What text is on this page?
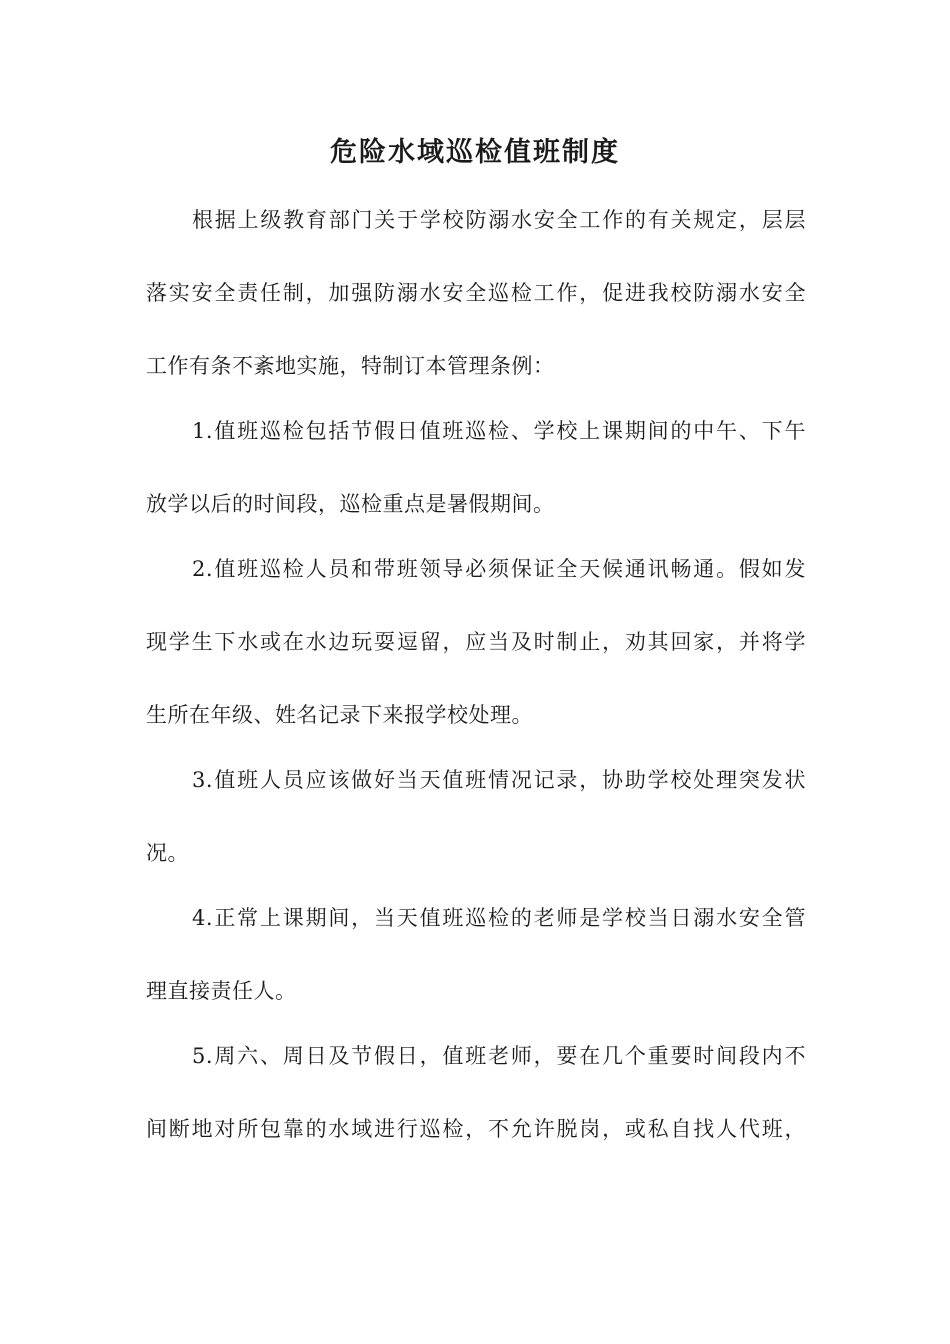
危险水域巡检值班制度
根据上级教育部门关于学校防溺水安全工作的有关规定，层层
落实安全责任制，加强防溺水安全巡检工作，促进我校防溺水安全
工作有条不紊地实施，特制订本管理条例：
1.值班巡检包括节假日值班巡检、学校上课期间的中午、下午
放学以后的时间段，巡检重点是暑假期间。
2.值班巡检人员和带班领导必须保证全天候通讯畅通。假如发
现学生下水或在水边玩耍逗留，应当及时制止，劝其回家，并将学
生所在年级、姓名记录下来报学校处理。
3.值班人员应该做好当天值班情况记录，协助学校处理突发状
况。
4.正常上课期间，当天值班巡检的老师是学校当日溺水安全管
理直接责任人。
5.周六、周日及节假日，值班老师，要在几个重要时间段内不
间断地对所包靠的水域进行巡检，不允许脱岗，或私自找人代班，
